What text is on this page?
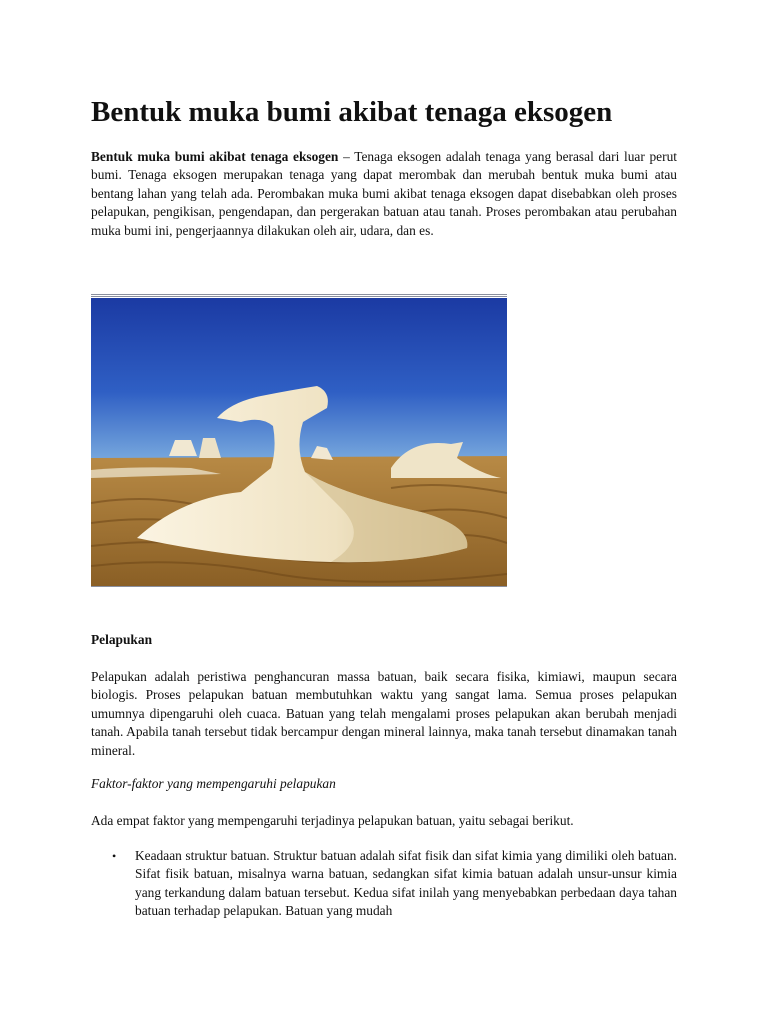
Bentuk muka bumi akibat tenaga eksogen

Bentuk muka bumi akibat tenaga eksogen – Tenaga eksogen adalah tenaga yang berasal dari luar perut bumi. Tenaga eksogen merupakan tenaga yang dapat merombak dan merubah bentuk muka bumi atau bentang lahan yang telah ada. Perombakan muka bumi akibat tenaga eksogen dapat disebabkan oleh proses pelapukan, pengikisan, pengendapan, dan pergerakan batuan atau tanah. Proses perombakan atau perubahan muka bumi ini, pengerjaannya dilakukan oleh air, udara, dan es.

Pelapukan

Pelapukan adalah peristiwa penghancuran massa batuan, baik secara fisika, kimiawi, maupun secara biologis. Proses pelapukan batuan membutuhkan waktu yang sangat lama. Semua proses pelapukan umumnya dipengaruhi oleh cuaca. Batuan yang telah mengalami proses pelapukan akan berubah menjadi tanah. Apabila tanah tersebut tidak bercampur dengan mineral lainnya, maka tanah tersebut dinamakan tanah mineral.

Faktor-faktor yang mempengaruhi pelapukan
Ada empat faktor yang mempengaruhi terjadinya pelapukan batuan, yaitu sebagai berikut.
• Keadaan struktur batuan. Struktur batuan adalah sifat fisik dan sifat kimia yang dimiliki oleh batuan. Sifat fisik batuan, misalnya warna batuan, sedangkan sifat kimia batuan adalah unsur-unsur kimia yang terkandung dalam batuan tersebut. Kedua sifat inilah yang menyebabkan perbedaan daya tahan batuan terhadap pelapukan. Batuan yang mudah
